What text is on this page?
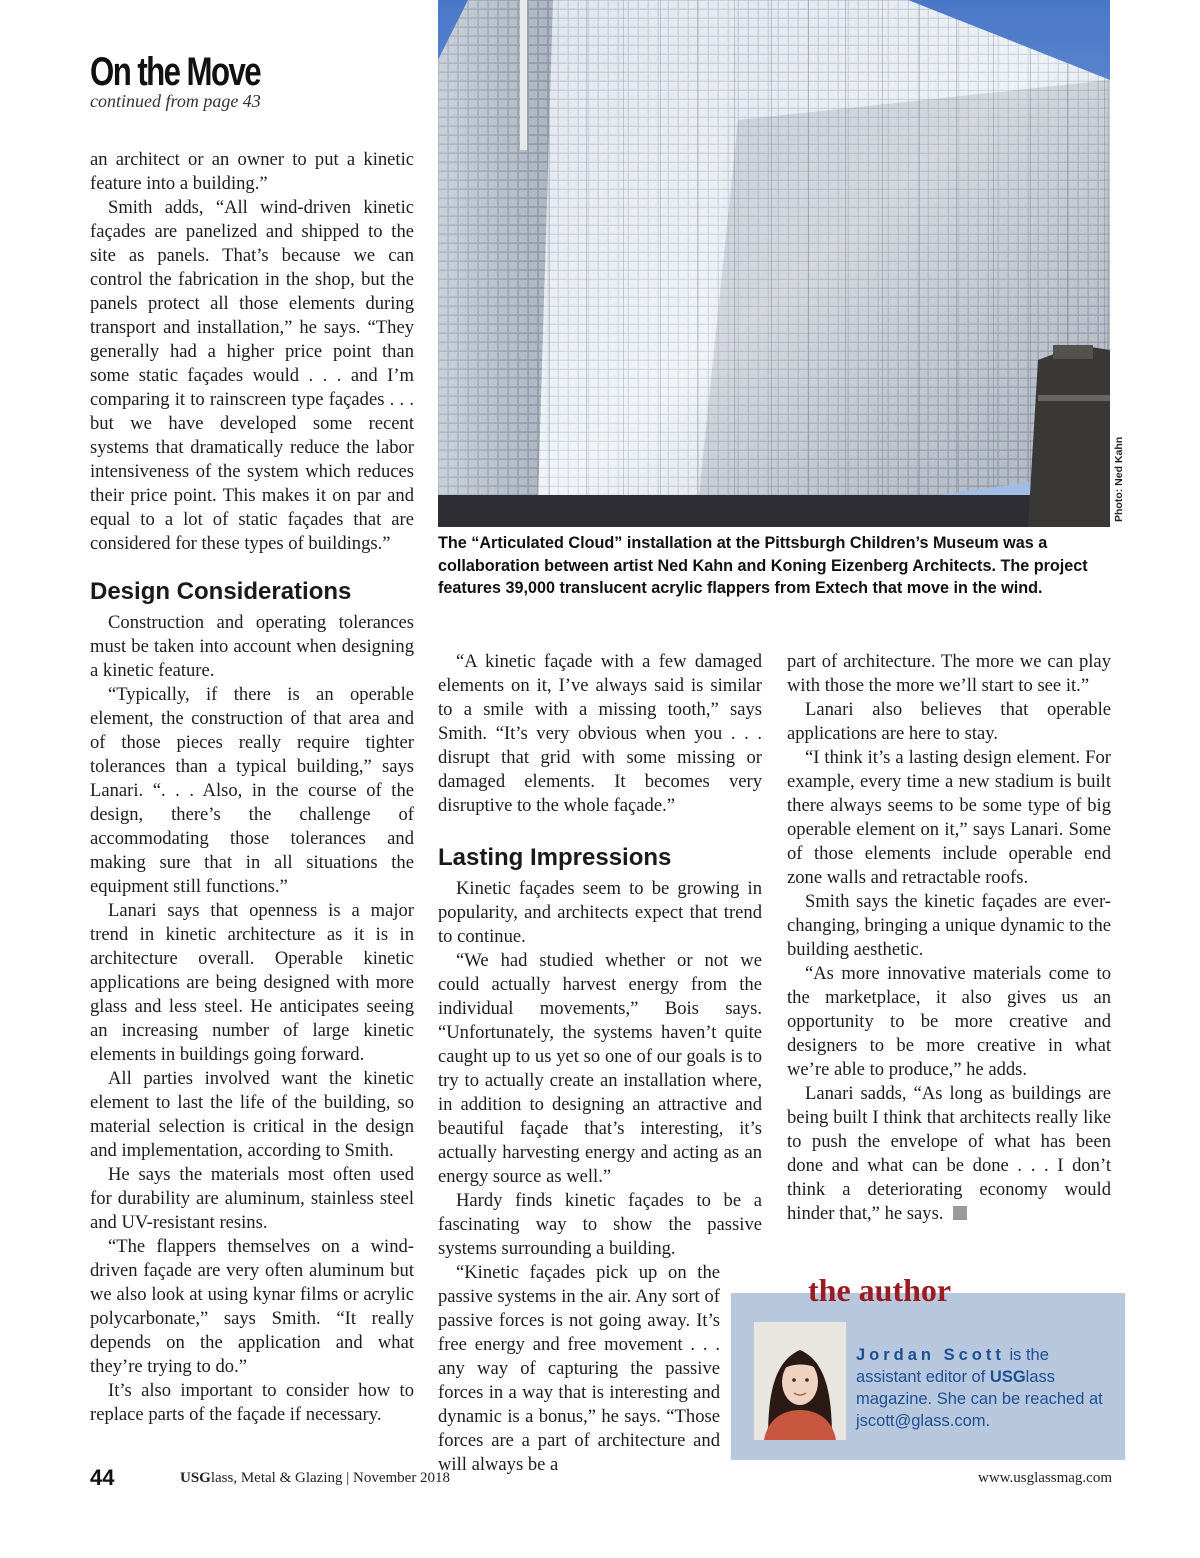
On the Move
continued from page 43
Photo: Ned Kahn
The “Articulated Cloud” installation at the Pittsburgh Children’s Museum was a collaboration between artist Ned Kahn and Koning Eizenberg Architects. The project features 39,000 translucent acrylic flappers from Extech that move in the wind.

an architect or an owner to put a kinetic feature into a building.”

Smith adds, “All wind-driven kinetic façades are panelized and shipped to the site as panels. That’s because we can control the fabrication in the shop, but the panels protect all those elements during transport and installation,” he says. “They generally had a higher price point than some static façades would . . . and I’m comparing it to rainscreen type façades . . . but we have developed some recent systems that dramatically reduce the labor intensiveness of the system which reduces their price point. This makes it on par and equal to a lot of static façades that are considered for these types of buildings.”

Design Considerations

Construction and operating tolerances must be taken into account when designing a kinetic feature.

“Typically, if there is an operable element, the construction of that area and of those pieces really require tighter tolerances than a typical building,” says Lanari. “. . . Also, in the course of the design, there’s the challenge of accommodating those tolerances and making sure that in all situations the equipment still functions.”

Lanari says that openness is a major trend in kinetic architecture as it is in architecture overall. Operable kinetic applications are being designed with more glass and less steel. He anticipates seeing an increasing number of large kinetic elements in buildings going forward.

All parties involved want the kinetic element to last the life of the building, so material selection is critical in the design and implementation, according to Smith.

He says the materials most often used for durability are aluminum, stainless steel and UV-resistant resins.

“The flappers themselves on a wind-driven façade are very often aluminum but we also look at using kynar films or acrylic polycarbonate,” says Smith. “It really depends on the application and what they’re trying to do.”

It’s also important to consider how to replace parts of the façade if necessary.

“A kinetic façade with a few damaged elements on it, I’ve always said is similar to a smile with a missing tooth,” says Smith. “It’s very obvious when you . . . disrupt that grid with some missing or damaged elements. It becomes very disruptive to the whole façade.”

Lasting Impressions

Kinetic façades seem to be growing in popularity, and architects expect that trend to continue.

“We had studied whether or not we could actually harvest energy from the individual movements,” Bois says. “Unfortunately, the systems haven’t quite caught up to us yet so one of our goals is to try to actually create an installation where, in addition to designing an attractive and beautiful façade that’s interesting, it’s actually harvesting energy and acting as an energy source as well.”

Hardy finds kinetic façades to be a fascinating way to show the passive systems surrounding a building.

“Kinetic façades pick up on the passive systems in the air. Any sort of passive forces is not going away. It’s free energy and free movement . . . any way of capturing the passive forces in a way that is interesting and dynamic is a bonus,” he says. “Those forces are a part of architecture and will always be a

part of architecture. The more we can play with those the more we’ll start to see it.”

Lanari also believes that operable applications are here to stay.

“I think it’s a lasting design element. For example, every time a new stadium is built there always seems to be some type of big operable element on it,” says Lanari. Some of those elements include operable end zone walls and retractable roofs.

Smith says the kinetic façades are ever-changing, bringing a unique dynamic to the building aesthetic.

“As more innovative materials come to the marketplace, it also gives us an opportunity to be more creative and designers to be more creative in what we’re able to produce,” he adds.

Lanari sadds, “As long as buildings are being built I think that architects really like to push the envelope of what has been done and what can be done . . . I don’t think a deteriorating economy would hinder that,” he says.

the author
Jordan Scott is the assistant editor of USGlass magazine. She can be reached at jscott@glass.com.
44	USGlass, Metal & Glazing | November 2018	www.usglassmag.com
